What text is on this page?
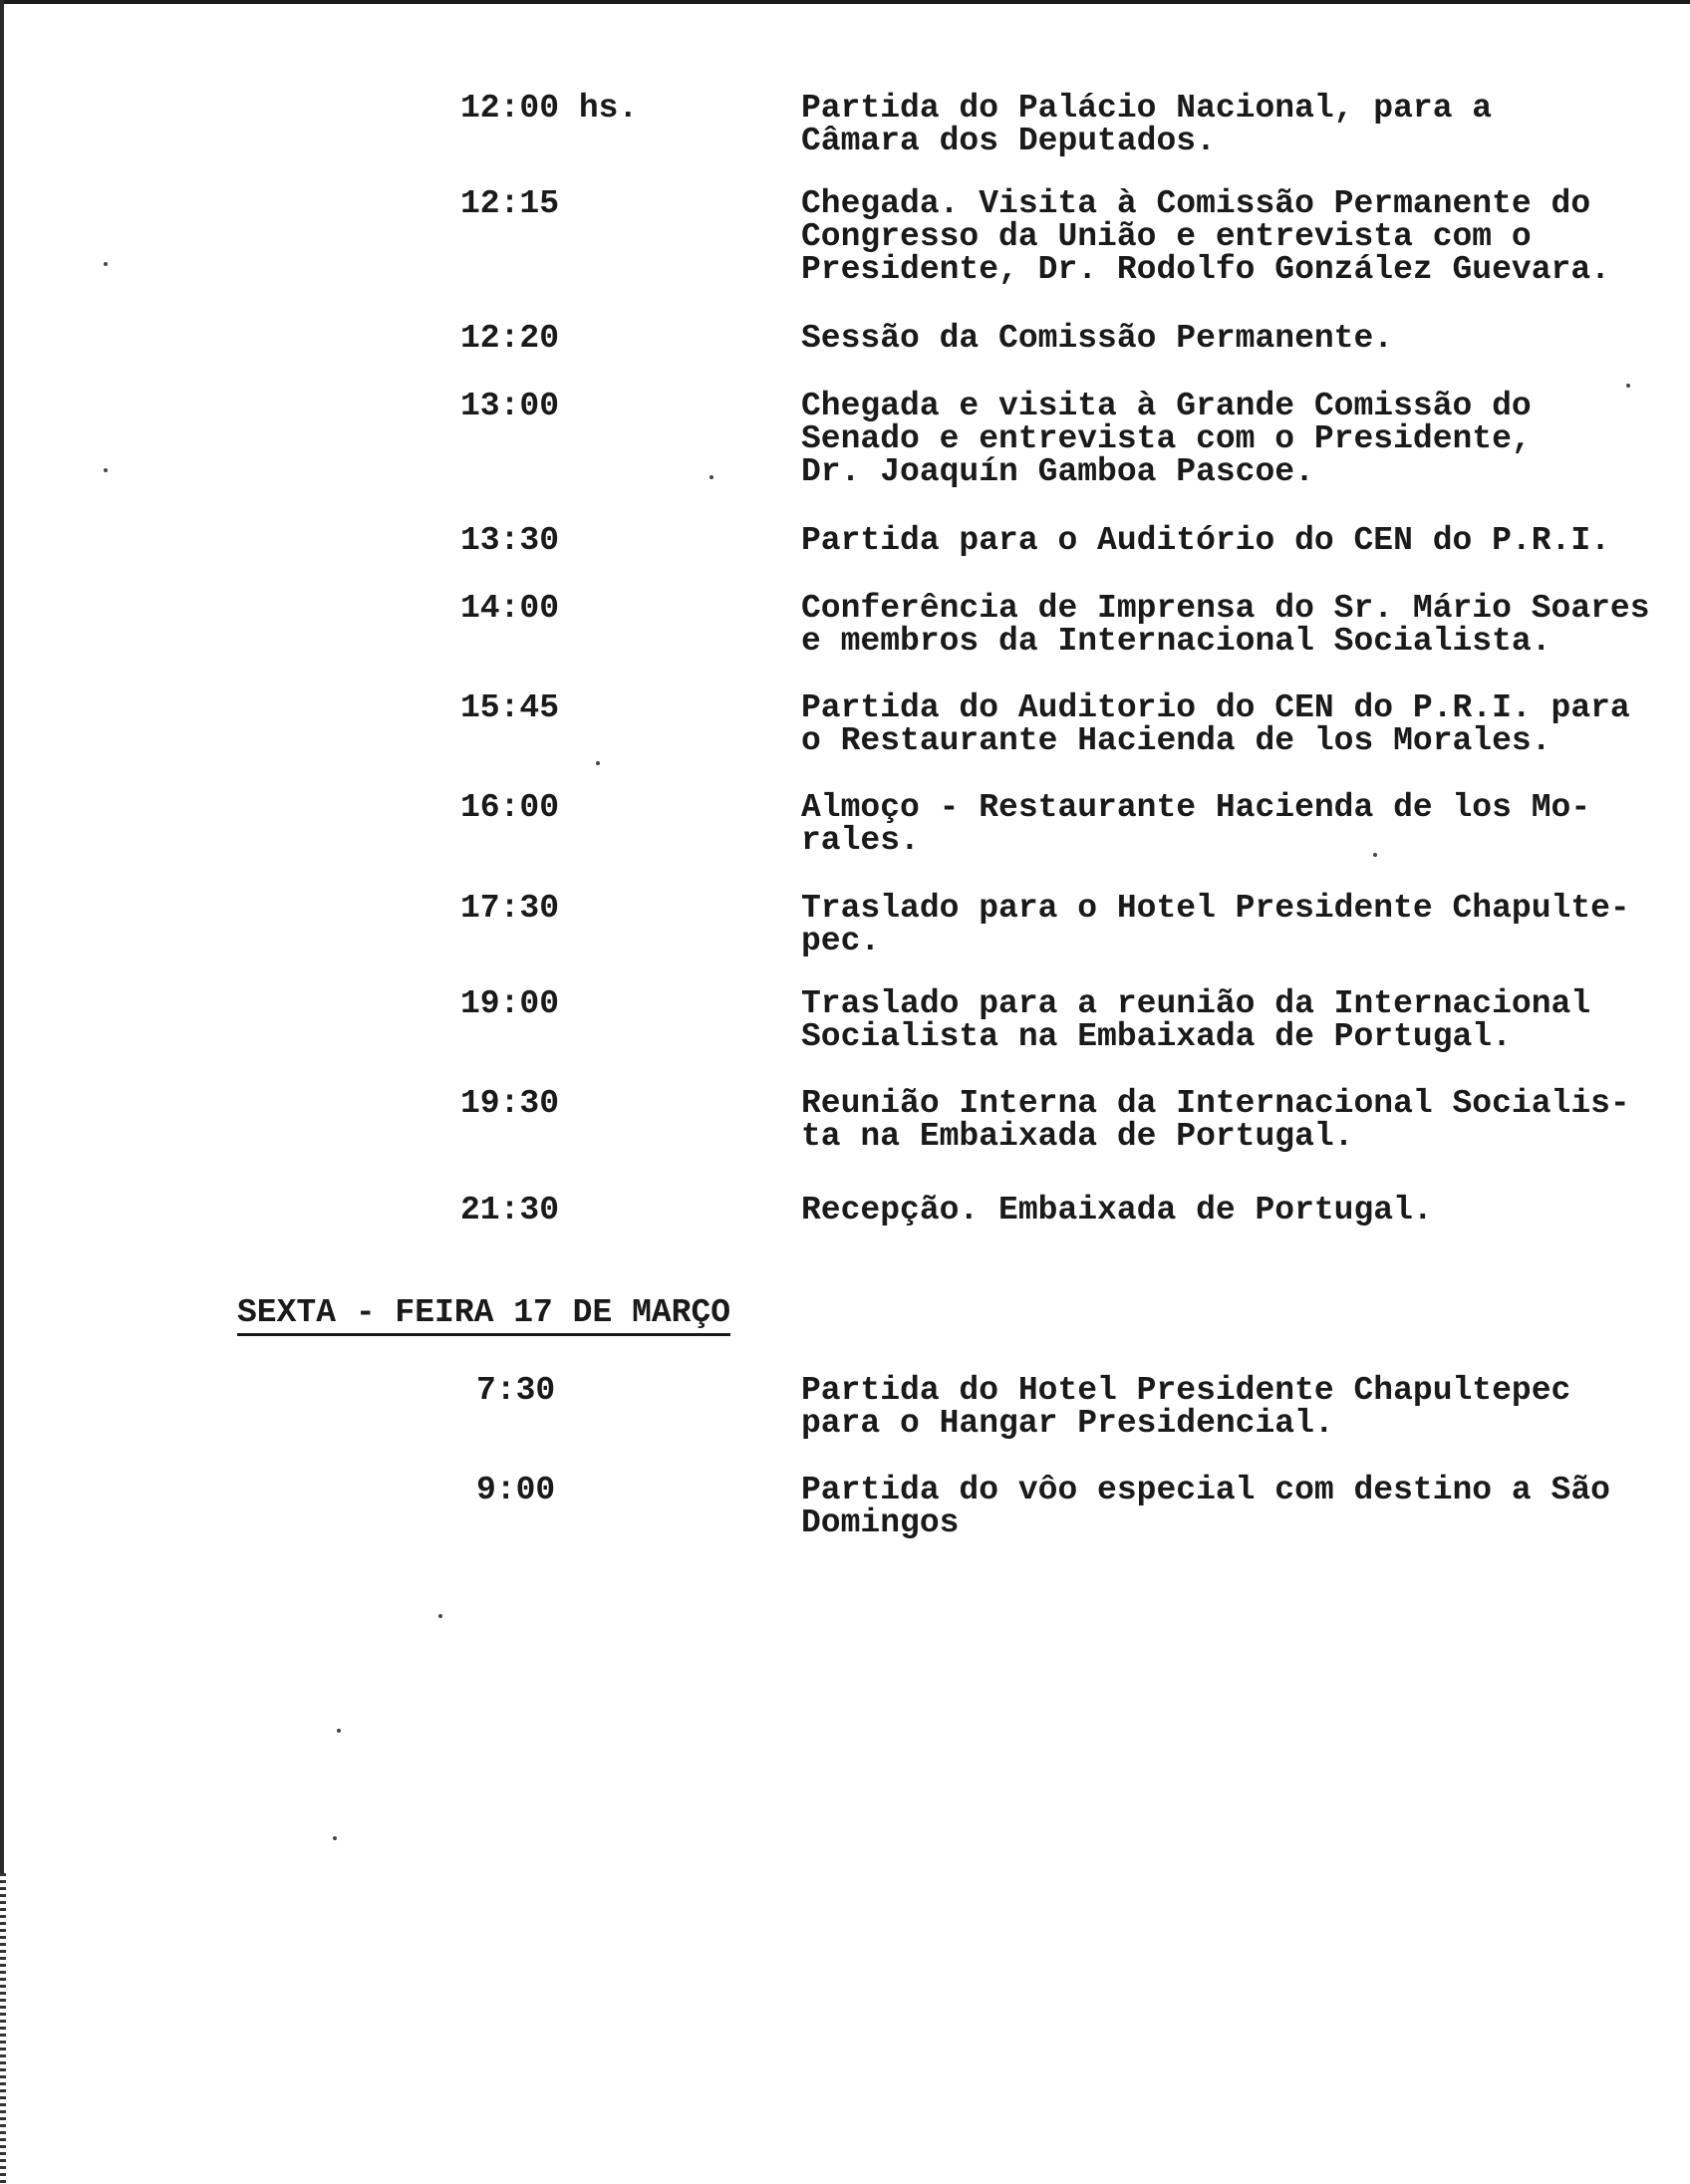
12:00 hs.	Partida do Palácio Nacional, para a
Câmara dos Deputados.
12:15	Chegada. Visita à Comissão Permanente do
Congresso da União e entrevista com o
Presidente, Dr. Rodolfo González Guevara.
12:20	Sessão da Comissão Permanente.
13:00	Chegada e visita à Grande Comissão do
Senado e entrevista com o Presidente,
Dr. Joaquín Gamboa Pascoe.
13:30	Partida para o Auditório do CEN do P.R.I.
14:00	Conferência de Imprensa do Sr. Mário Soares
e membros da Internacional Socialista.
15:45	Partida do Auditorio do CEN do P.R.I. para
o Restaurante Hacienda de los Morales.
16:00	Almoço - Restaurante Hacienda de los Mo-
rales.
17:30	Traslado para o Hotel Presidente Chapulte-
pec.
19:00	Traslado para a reunião da Internacional
Socialista na Embaixada de Portugal.
19:30	Reunião Interna da Internacional Socialis-
ta na Embaixada de Portugal.
21:30	Recepção. Embaixada de Portugal.
SEXTA - FEIRA 17 DE MARÇO
7:30	Partida do Hotel Presidente Chapultepec
para o Hangar Presidencial.
9:00	Partida do vôo especial com destino a São
Domingos
